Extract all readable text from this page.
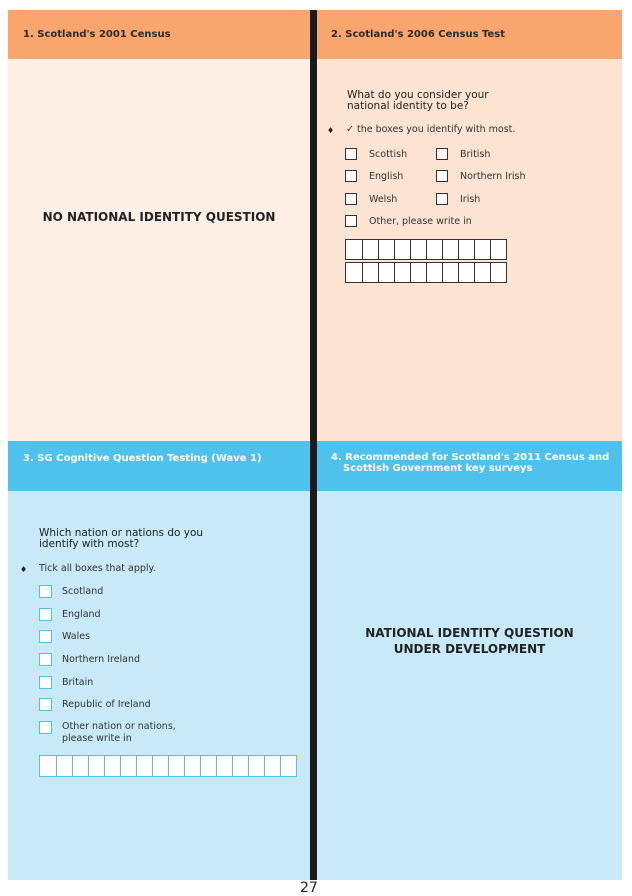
1. Scotland's 2001 Census
NO NATIONAL IDENTITY QUESTION
2. Scotland's 2006 Census Test
What do you consider your
national identity to be?
♦ ✓ the boxes you identify with most.
Scottish	British
English	Northern Irish
Welsh	Irish
Other, please write in
3. SG Cognitive Question Testing (Wave 1)
Which nation or nations do you
identify with most?
♦ Tick all boxes that apply.
Scotland
England
Wales
Northern Ireland
Britain
Republic of Ireland
Other nation or nations,
please write in
4. Recommended for Scotland's 2011 Census and
Scottish Government key surveys
NATIONAL IDENTITY QUESTION
UNDER DEVELOPMENT
27
